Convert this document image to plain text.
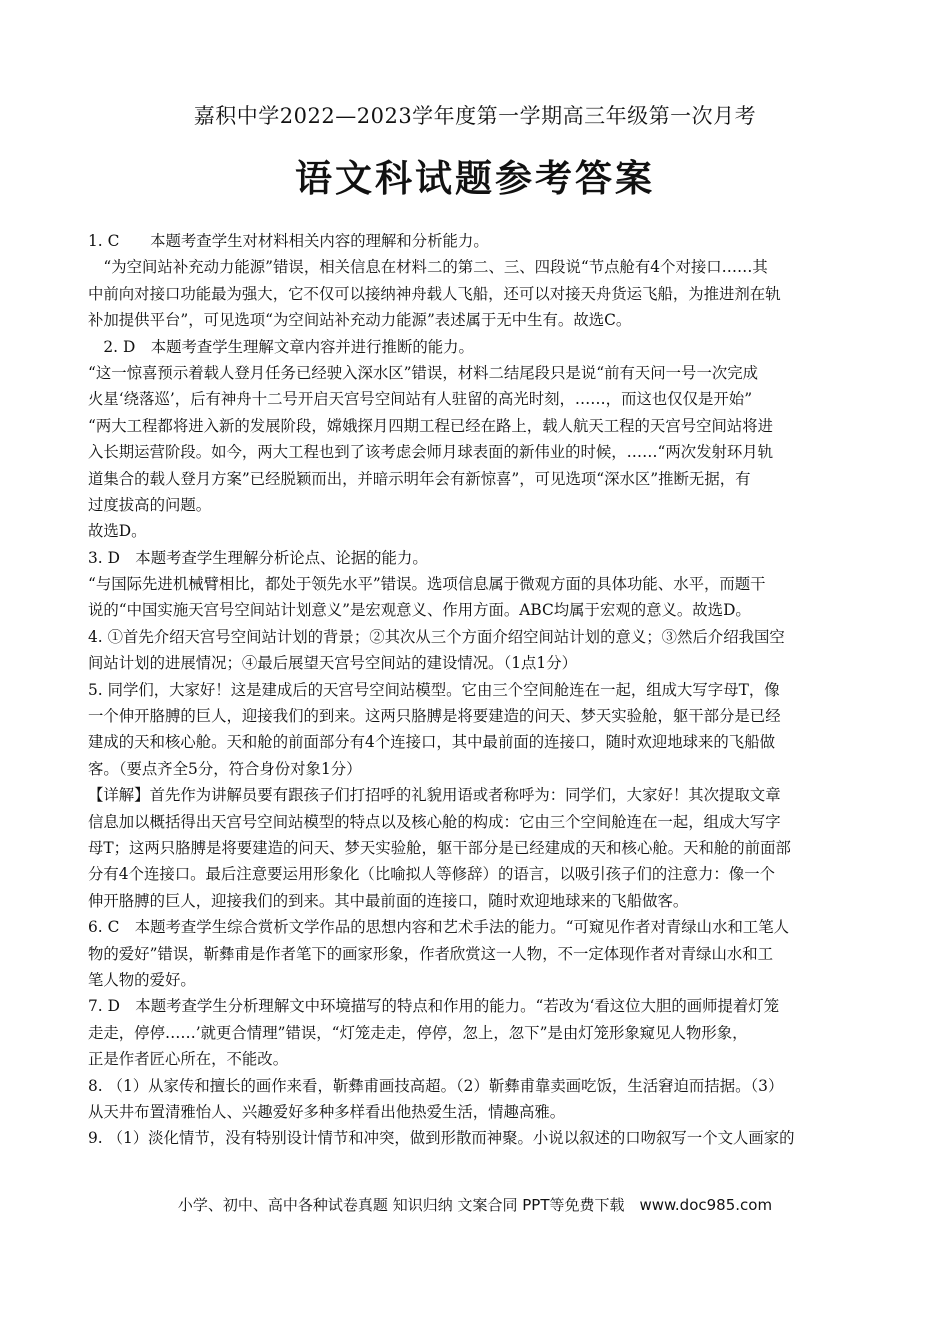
嘉积中学2022—2023学年度第一学期高三年级第一次月考
语文科试题参考答案
1. C　　本题考查学生对材料相关内容的理解和分析能力。
　“为空间站补充动力能源”错误，相关信息在材料二的第二、三、四段说“节点舱有4个对接口……其
中前向对接口功能最为强大，它不仅可以接纳神舟载人飞船，还可以对接天舟货运飞船，为推进剂在轨
补加提供平台”，可见选项“为空间站补充动力能源”表述属于无中生有。故选C。
　2. D　本题考查学生理解文章内容并进行推断的能力。
“这一惊喜预示着载人登月任务已经驶入深水区”错误，材料二结尾段只是说“前有天问一号一次完成
火星‘绕落巡’，后有神舟十二号开启天宫号空间站有人驻留的高光时刻，……，而这也仅仅是开始”
“两大工程都将进入新的发展阶段，嫦娥探月四期工程已经在路上，载人航天工程的天宫号空间站将进
入长期运营阶段。如今，两大工程也到了该考虑会师月球表面的新伟业的时候，……“两次发射环月轨
道集合的载人登月方案”已经脱颖而出，并暗示明年会有新惊喜”，可见选项“深水区”推断无据，有
过度拔高的问题。
故选D。
3. D　本题考查学生理解分析论点、论据的能力。
“与国际先进机械臂相比，都处于领先水平”错误。选项信息属于微观方面的具体功能、水平，而题干
说的“中国实施天宫号空间站计划意义”是宏观意义、作用方面。ABC均属于宏观的意义。故选D。
4. ①首先介绍天宫号空间站计划的背景；②其次从三个方面介绍空间站计划的意义；③然后介绍我国空
间站计划的进展情况；④最后展望天宫号空间站的建设情况。（1点1分）
5. 同学们，大家好！这是建成后的天宫号空间站模型。它由三个空间舱连在一起，组成大写字母T，像
一个伸开胳膊的巨人，迎接我们的到来。这两只胳膊是将要建造的问天、梦天实验舱，躯干部分是已经
建成的天和核心舱。天和舱的前面部分有4个连接口，其中最前面的连接口，随时欢迎地球来的飞船做
客。（要点齐全5分，符合身份对象1分）
【详解】首先作为讲解员要有跟孩子们打招呼的礼貌用语或者称呼为：同学们，大家好！其次提取文章
信息加以概括得出天宫号空间站模型的特点以及核心舱的构成：它由三个空间舱连在一起，组成大写字
母T；这两只胳膊是将要建造的问天、梦天实验舱，躯干部分是已经建成的天和核心舱。天和舱的前面部
分有4个连接口。最后注意要运用形象化（比喻拟人等修辞）的语言，以吸引孩子们的注意力：像一个
伸开胳膊的巨人，迎接我们的到来。其中最前面的连接口，随时欢迎地球来的飞船做客。
6. C　本题考查学生综合赏析文学作品的思想内容和艺术手法的能力。“可窥见作者对青绿山水和工笔人
物的爱好”错误，靳彝甫是作者笔下的画家形象，作者欣赏这一人物，不一定体现作者对青绿山水和工
笔人物的爱好。
7. D　本题考查学生分析理解文中环境描写的特点和作用的能力。“若改为‘看这位大胆的画师提着灯笼
走走，停停……’就更合情理”错误，“灯笼走走，停停，忽上，忽下”是由灯笼形象窥见人物形象，
正是作者匠心所在，不能改。
8. （1）从家传和擅长的画作来看，靳彝甫画技高超。（2）靳彝甫靠卖画吃饭，生活窘迫而拮据。（3）
从天井布置清雅怡人、兴趣爱好多种多样看出他热爱生活，情趣高雅。
9. （1）淡化情节，没有特别设计情节和冲突，做到形散而神聚。小说以叙述的口吻叙写一个文人画家的
小学、初中、高中各种试卷真题 知识归纳 文案合同 PPT等免费下载　www.doc985.com
